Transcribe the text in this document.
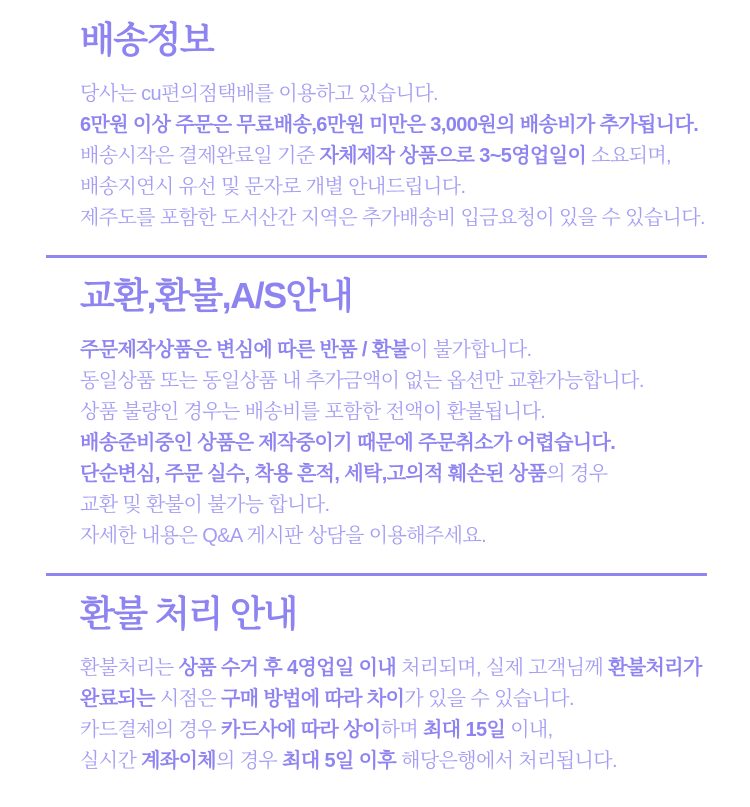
배송정보

당사는 cu편의점택배를 이용하고 있습니다.

6만원 이상 주문은 무료배송,6만원 미만은 3,000원의 배송비가 추가됩니다.

배송시작은 결제완료일 기준 자체제작 상품으로 3~5영업일이 소요되며,

배송지연시 유선 및 문자로 개별 안내드립니다.

제주도를 포함한 도서산간 지역은 추가배송비 입금요청이 있을 수 있습니다.

교환,환불,A/S안내

주문제작상품은 변심에 따른 반품 / 환불이 불가합니다.

동일상품 또는 동일상품 내 추가금액이 없는 옵션만 교환가능합니다.

상품 불량인 경우는 배송비를 포함한 전액이 환불됩니다.

배송준비중인 상품은 제작중이기 때문에 주문취소가 어렵습니다.

단순변심, 주문 실수, 착용 흔적, 세탁,고의적 훼손된 상품의 경우

교환 및 환불이 불가능 합니다.

자세한 내용은 Q&A 게시판 상담을 이용해주세요.

환불 처리 안내

환불처리는 상품 수거 후 4영업일 이내 처리되며, 실제 고객님께 환불처리가

완료되는 시점은 구매 방법에 따라 차이가 있을 수 있습니다.

카드결제의 경우 카드사에 따라 상이하며 최대 15일 이내,

실시간 계좌이체의 경우 최대 5일 이후 해당은행에서 처리됩니다.
